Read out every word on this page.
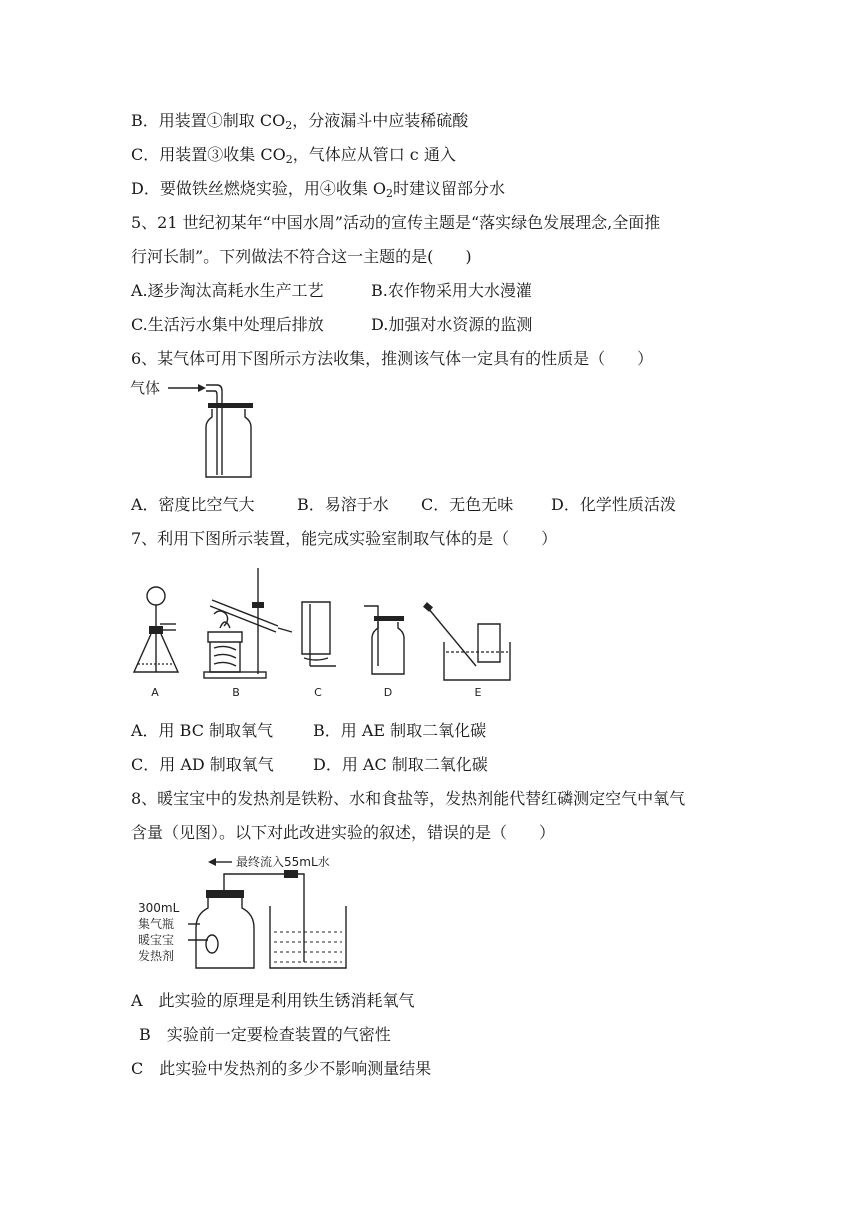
B．用装置①制取 $CO_2$，分液漏斗中应装稀硫酸
C．用装置③收集 $CO_2$，气体应从管口 c 通入
D．要做铁丝燃烧实验，用④收集 $O_2$时建议留部分水
5、21 世纪初某年“中国水周”活动的宣传主题是“落实绿色发展理念,全面推
行河长制”。下列做法不符合这一主题的是(　　)
A.逐步淘汰高耗水生产工艺	B.农作物采用大水漫灌
C.生活污水集中处理后排放	D.加强对水资源的监测
6、某气体可用下图所示方法收集，推测该气体一定具有的性质是（　　）
气体
A．密度比空气大	B．易溶于水 C．无色无味 D．化学性质活泼
7、利用下图所示装置，能完成实验室制取气体的是（　　）
A	B	C	D	E
A．用 BC 制取氧气 B．用 AE 制取二氧化碳
C．用 AD 制取氧气 D．用 AC 制取二氧化碳
8、暖宝宝中的发热剂是铁粉、水和食盐等，发热剂能代替红磷测定空气中氧气
含量（见图）。以下对此改进实验的叙述，错误的是（　　）
最终流入55mL水
300mL
集气瓶
暖宝宝
发热剂
A　此实验的原理是利用铁生锈消耗氧气
B　实验前一定要检查装置的气密性
C　此实验中发热剂的多少不影响测量结果
